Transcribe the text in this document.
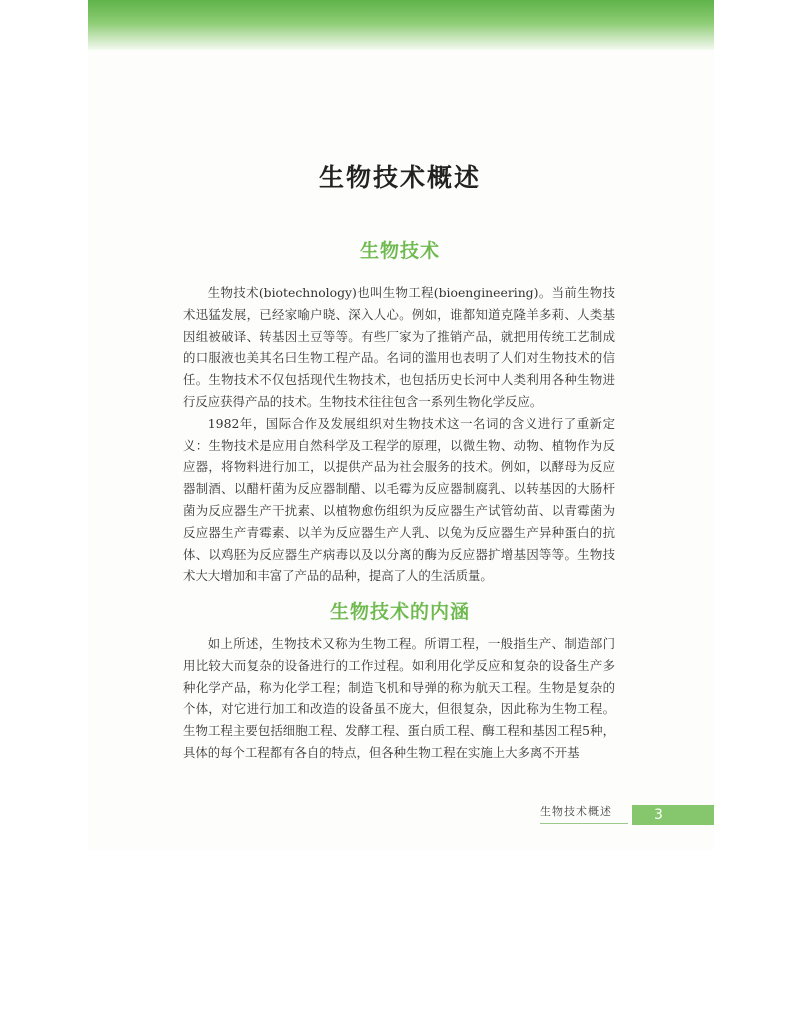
生物技术概述
生物技术

生物技术(biotechnology)也叫生物工程(bioengineering)。当前生物技术迅猛发展，已经家喻户晓、深入人心。例如，谁都知道克隆羊多莉、人类基因组被破译、转基因土豆等等。有些厂家为了推销产品，就把用传统工艺制成的口服液也美其名曰生物工程产品。名词的滥用也表明了人们对生物技术的信任。生物技术不仅包括现代生物技术，也包括历史长河中人类利用各种生物进行反应获得产品的技术。生物技术往往包含一系列生物化学反应。

1982年，国际合作及发展组织对生物技术这一名词的含义进行了重新定义：生物技术是应用自然科学及工程学的原理，以微生物、动物、植物作为反应器，将物料进行加工，以提供产品为社会服务的技术。例如，以酵母为反应器制酒、以醋杆菌为反应器制醋、以毛霉为反应器制腐乳、以转基因的大肠杆菌为反应器生产干扰素、以植物愈伤组织为反应器生产试管幼苗、以青霉菌为反应器生产青霉素、以羊为反应器生产人乳、以兔为反应器生产异种蛋白的抗体、以鸡胚为反应器生产病毒以及以分离的酶为反应器扩增基因等等。生物技术大大增加和丰富了产品的品种，提高了人的生活质量。

生物技术的内涵

如上所述，生物技术又称为生物工程。所谓工程，一般指生产、制造部门用比较大而复杂的设备进行的工作过程。如利用化学反应和复杂的设备生产多种化学产品，称为化学工程；制造飞机和导弹的称为航天工程。生物是复杂的个体，对它进行加工和改造的设备虽不庞大，但很复杂，因此称为生物工程。生物工程主要包括细胞工程、发酵工程、蛋白质工程、酶工程和基因工程5种，具体的每个工程都有各自的特点，但各种生物工程在实施上大多离不开基

生物技术概述	3
